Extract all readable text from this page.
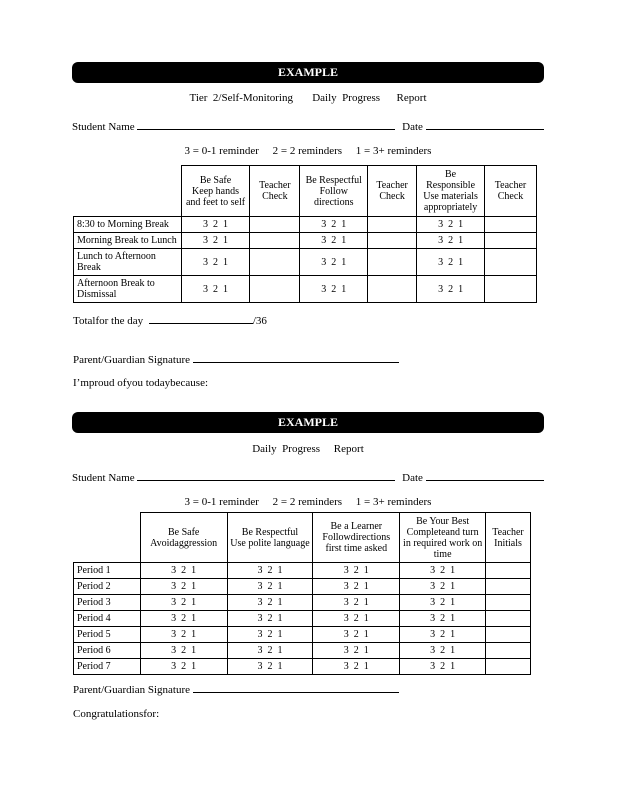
EXAMPLE
Tier  2/Self-Monitoring       Daily  Progress      Report
Student Name	Date
3 = 0-1 reminder     2 = 2 reminders     1 = 3+ reminders
	Be Safe
Keep hands
and feet to self	Teacher
Check	Be Respectful
Follow
directions	Teacher
Check	Be
Responsible
Use materials
appropriately	Teacher
Check
8:30 to Morning Break	3  2  1		3  2  1		3  2  1	
Morning Break to Lunch	3  2  1		3  2  1		3  2  1	
Lunch to Afternoon Break	3  2  1		3  2  1		3  2  1	
Afternoon Break to Dismissal	3  2  1		3  2  1		3  2  1	
Totalfor the day	/36
Parent/Guardian Signature
I’mproud ofyou todaybecause:
EXAMPLE
Daily  Progress     Report
Student Name	Date
3 = 0-1 reminder     2 = 2 reminders     1 = 3+ reminders
	Be Safe
Avoidaggression	Be Respectful
Use polite language	Be a Learner
Followdirections
first time asked	Be Your Best
Completeand turn
in required work on
time	Teacher
Initials
Period 1	3  2  1	3  2  1	3  2  1	3  2  1	
Period 2	3  2  1	3  2  1	3  2  1	3  2  1	
Period 3	3  2  1	3  2  1	3  2  1	3  2  1	
Period 4	3  2  1	3  2  1	3  2  1	3  2  1	
Period 5	3  2  1	3  2  1	3  2  1	3  2  1	
Period 6	3  2  1	3  2  1	3  2  1	3  2  1	
Period 7	3  2  1	3  2  1	3  2  1	3  2  1	
Parent/Guardian Signature
Congratulationsfor:
